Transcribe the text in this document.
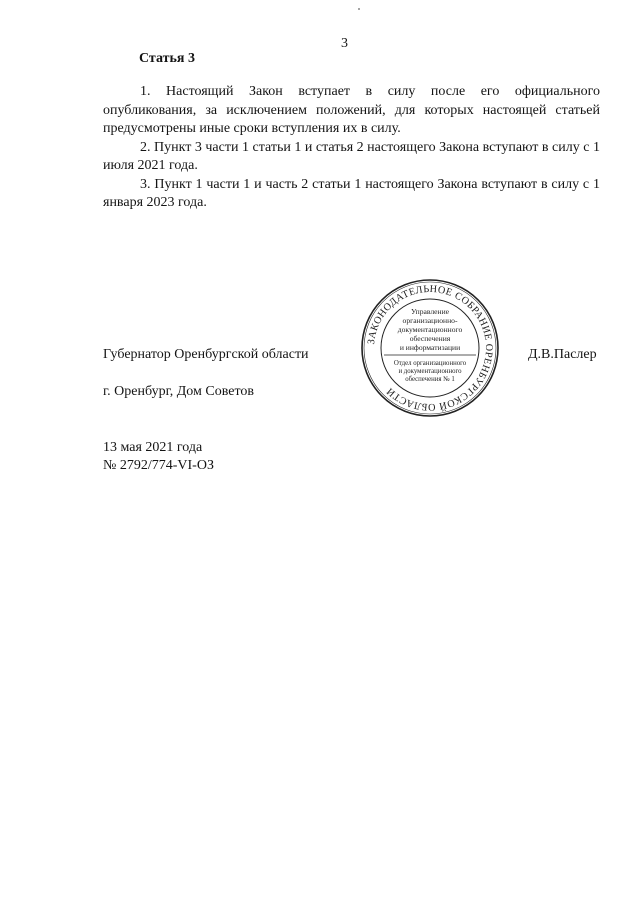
3
Статья 3

1. Настоящий Закон вступает в силу после его официального опубликования, за исключением положений, для которых настоящей статьей предусмотрены иные сроки вступления их в силу.

2. Пункт 3 части 1 статьи 1 и статья 2 настоящего Закона вступают в силу с 1 июля 2021 года.

3. Пункт 1 части 1 и часть 2 статьи 1 настоящего Закона вступают в силу с 1 января 2023 года.

Губернатор Оренбургской области
ЗАКОНОДАТЕЛЬНОЕ СОБРАНИЕ ОРЕНБУРГСКОЙ ОБЛАСТИ
Управление
организационно-
документационного
обеспечения
и информатизации
Отдел организационного
и документационного
обеспечения № 1
Д.В.Паслер
г. Оренбург, Дом Советов
13 мая 2021 года
№ 2792/774-VI-ОЗ
